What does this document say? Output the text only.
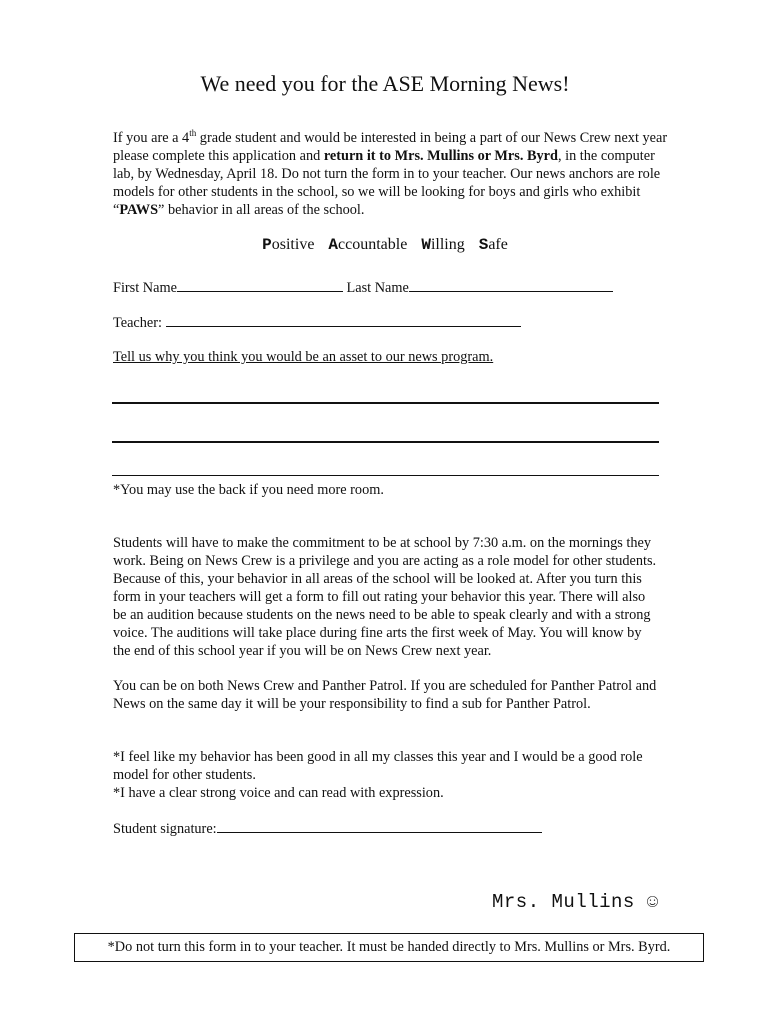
We need you for the ASE Morning News!
If you are a 4th grade student and would be interested in being a part of our News Crew next year please complete this application and return it to Mrs. Mullins or Mrs. Byrd, in the computer lab, by Wednesday, April 18. Do not turn the form in to your teacher. Our news anchors are role models for other students in the school, so we will be looking for boys and girls who exhibit “PAWS” behavior in all areas of the school.
Positive Accountable Willing Safe
First Name	Last Name
Teacher:
Tell us why you think you would be an asset to our news program.
*You may use the back if you need more room.
Students will have to make the commitment to be at school by 7:30 a.m. on the mornings they work. Being on News Crew is a privilege and you are acting as a role model for other students. Because of this, your behavior in all areas of the school will be looked at. After you turn this form in your teachers will get a form to fill out rating your behavior this year. There will also be an audition because students on the news need to be able to speak clearly and with a strong voice. The auditions will take place during fine arts the first week of May. You will know by the end of this school year if you will be on News Crew next year.
You can be on both News Crew and Panther Patrol. If you are scheduled for Panther Patrol and News on the same day it will be your responsibility to find a sub for Panther Patrol.
*I feel like my behavior has been good in all my classes this year and I would be a good role model for other students.
*I have a clear strong voice and can read with expression.
Student signature:
Mrs. Mullins ☺
*Do not turn this form in to your teacher. It must be handed directly to Mrs. Mullins or Mrs. Byrd.
